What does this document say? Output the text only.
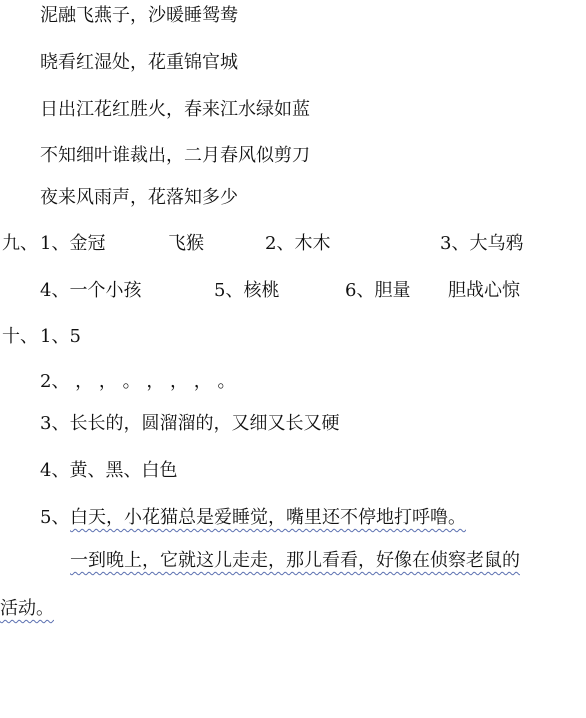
泥融飞燕子，沙暖睡鸳鸯
晓看红湿处，花重锦官城
日出江花红胜火，春来江水绿如蓝
不知细叶谁裁出，二月春风似剪刀
夜来风雨声，花落知多少
九、 1、金冠	飞猴	2、木木	3、大乌鸦
4、一个小孩	5、核桃	6、胆量 胆战心惊
十、 1、5
2、 ， ， 。 ， ， ， 。
3、长长的，圆溜溜的，又细又长又硬
4、黄、黑、白色
5、 白天，小花猫总是爱睡觉，嘴里还不停地打呼噜。
一到晚上，它就这儿走走，那儿看看，好像在侦察老鼠的
活动。
